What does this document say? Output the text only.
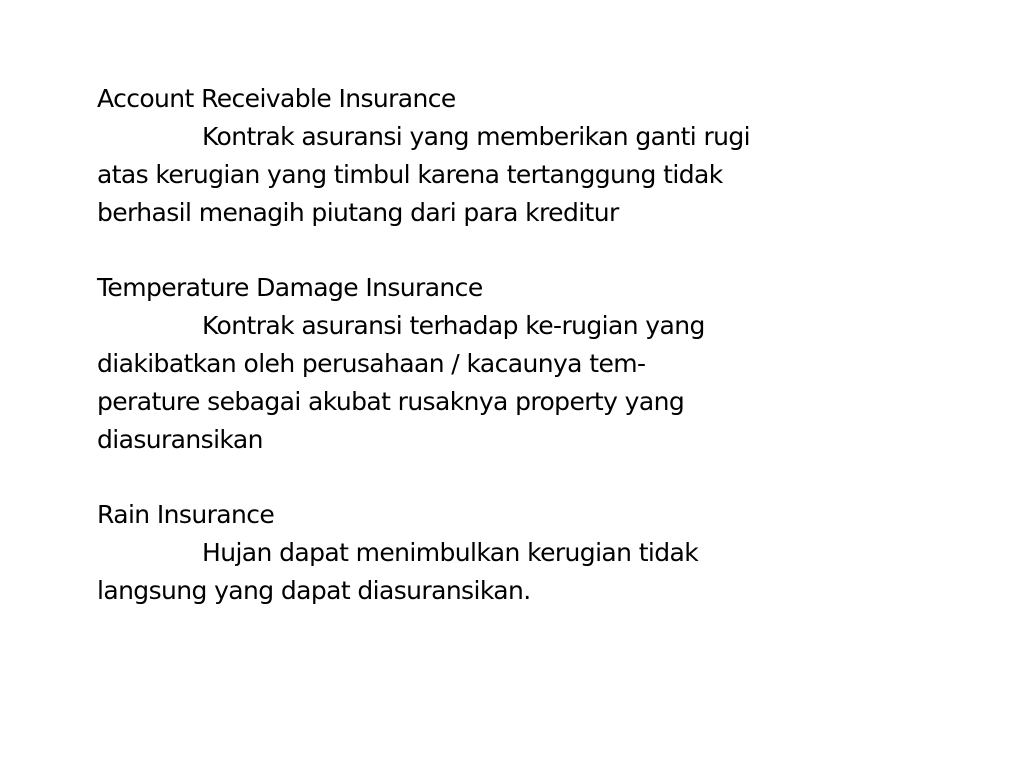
Account Receivable Insurance

Kontrak asuransi yang memberikan ganti rugi

atas kerugian yang timbul karena tertanggung tidak

berhasil menagih piutang dari para kreditur

Temperature Damage Insurance

Kontrak asuransi terhadap ke-rugian yang

diakibatkan oleh perusahaan / kacaunya tem-

perature sebagai akubat rusaknya property yang

diasuransikan

Rain Insurance

Hujan dapat menimbulkan kerugian tidak

langsung yang dapat diasuransikan.
